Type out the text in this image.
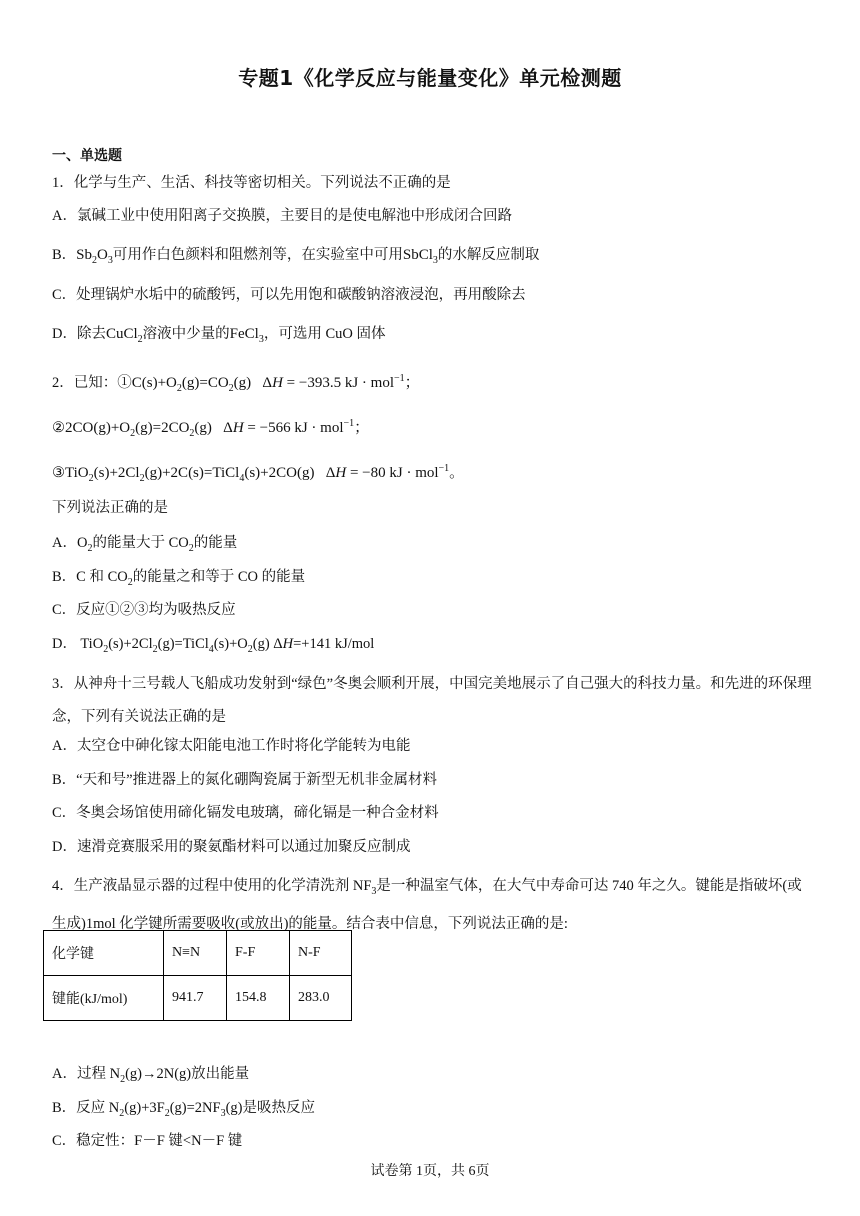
专题1《化学反应与能量变化》单元检测题
一、单选题
1．化学与生产、生活、科技等密切相关。下列说法不正确的是
A．氯碱工业中使用阳离子交换膜，主要目的是使电解池中形成闭合回路
B．$Sb_2O_3$可用作白色颜料和阻燃剂等，在实验室中可用SbCl$_3$的水解反应制取
C．处理锅炉水垢中的硫酸钙，可以先用饱和碳酸钠溶液浸泡，再用酸除去
D．除去CuCl$_2$溶液中少量的FeCl$_3$，可选用 CuO 固体
2．已知：$①C(s)+O_2(g)=CO_2(g) \Delta H = -393.5$ kJ · mol$^{-1}$；
$②2CO(g)+O_2(g)=2CO_2(g) \Delta H = -566$ kJ · mol$^{-1}$；
$③TiO_2(s)+2Cl_2(g)+2C(s)=TiCl_4(s)+2CO(g) \Delta H = -80$ kJ · mol$^{-1}$。
下列说法正确的是
A．$O_2$的能量大于 $CO_2$的能量
B．C 和 $CO_2$的能量之和等于 CO 的能量
C．反应①②③均为吸热反应
D． $TiO_2(s)+2Cl_2(g)=TiCl_4(s)+O_2(g)$ ΔH=+141 kJ/mol
3．从神舟十三号载人飞船成功发射到“绿色”冬奥会顺利开展，中国完美地展示了自己强大的科技力量。和先进的环保理念，下列有关说法正确的是
A．太空仓中砷化镓太阳能电池工作时将化学能转为电能
B．“天和号”推进器上的氮化硼陶瓷属于新型无机非金属材料
C．冬奥会场馆使用碲化镉发电玻璃，碲化镉是一种合金材料
D．速滑竞赛服采用的聚氨酯材料可以通过加聚反应制成
4．生产液晶显示器的过程中使用的化学清洗剂 $NF_3$是一种温室气体，在大气中寿命可达 740 年之久。键能是指破坏(或生成)1mol 化学键所需要吸收(或放出)的能量。结合表中信息，下列说法正确的是:
化学键	N≡N	F-F	N-F
键能(kJ/mol)	941.7	154.8	283.0
A．过程 $N_2(g)\to 2N(g)$放出能量
B．反应 $N_2(g)+3F_2(g)=2NF_3(g)$是吸热反应
C．稳定性：F－F 键<N－F 键
试卷第 1页，共 6页
